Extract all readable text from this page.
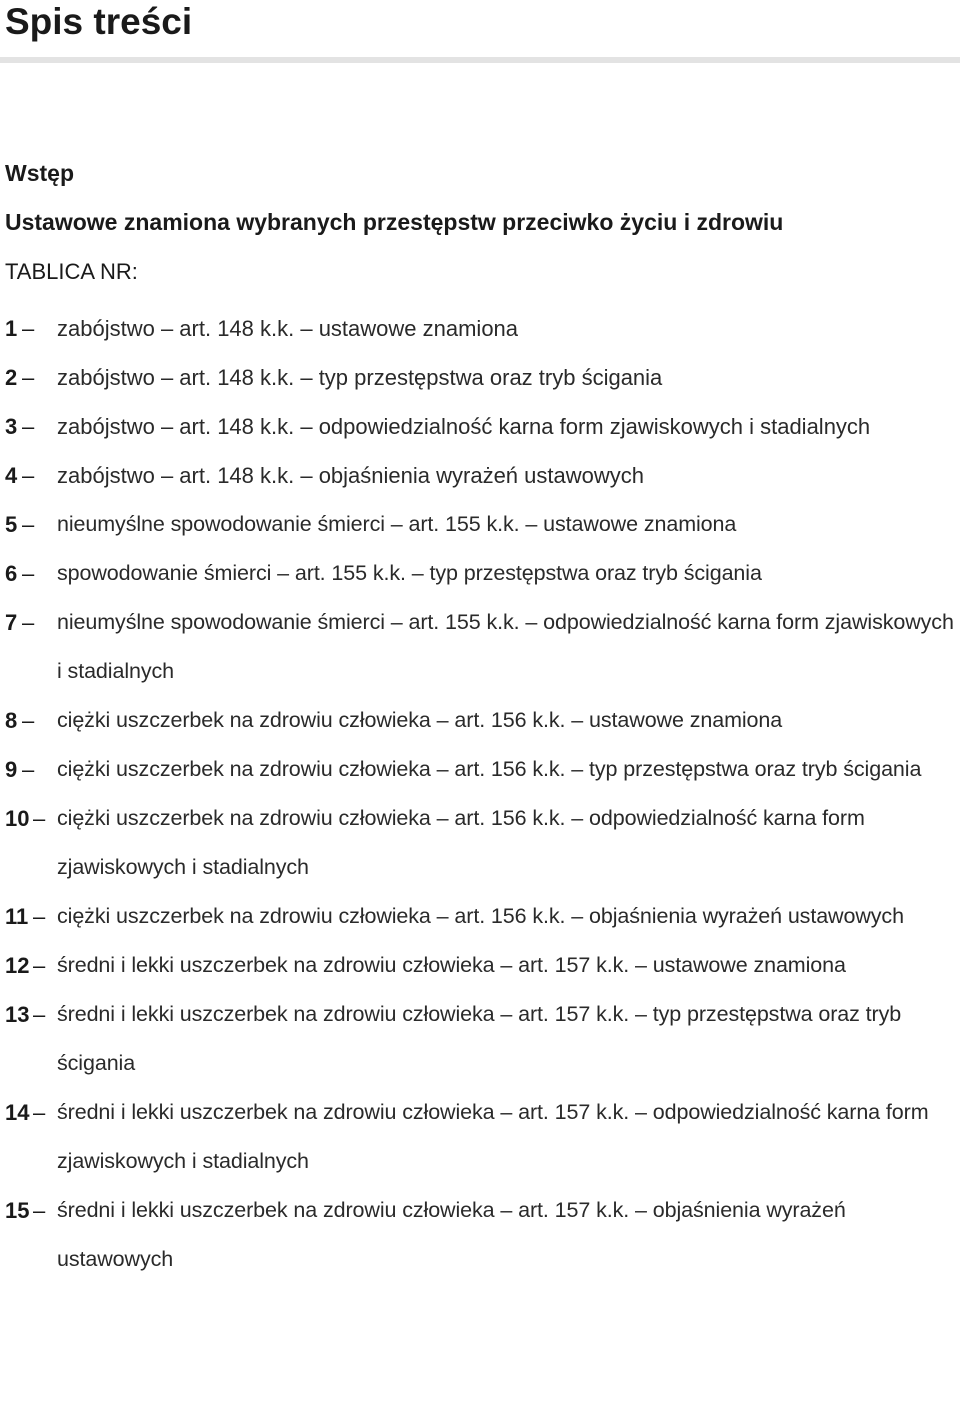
Spis treści
Wstęp
Ustawowe znamiona wybranych przestępstw przeciwko życiu i zdrowiu
TABLICA NR:
1 – zabójstwo – art. 148 k.k. – ustawowe znamiona
2 – zabójstwo – art. 148 k.k. – typ przestępstwa oraz tryb ścigania
3 – zabójstwo – art. 148 k.k. – odpowiedzialność karna form zjawiskowych i stadialnych
4 – zabójstwo – art. 148 k.k. – objaśnienia wyrażeń ustawowych
5 – nieumyślne spowodowanie śmierci – art. 155 k.k. – ustawowe znamiona
6 – spowodowanie śmierci – art. 155 k.k. – typ przestępstwa oraz tryb ścigania
7 – nieumyślne spowodowanie śmierci – art. 155 k.k. – odpowiedzialność karna form zjawiskowych i stadialnych
8 – ciężki uszczerbek na zdrowiu człowieka – art. 156 k.k. – ustawowe znamiona
9 – ciężki uszczerbek na zdrowiu człowieka – art. 156 k.k. – typ przestępstwa oraz tryb ścigania
10 – ciężki uszczerbek na zdrowiu człowieka – art. 156 k.k. – odpowiedzialność karna form zjawiskowych i stadialnych
11 – ciężki uszczerbek na zdrowiu człowieka – art. 156 k.k. – objaśnienia wyrażeń ustawowych
12 – średni i lekki uszczerbek na zdrowiu człowieka – art. 157 k.k. – ustawowe znamiona
13 – średni i lekki uszczerbek na zdrowiu człowieka – art. 157 k.k. – typ przestępstwa oraz tryb ścigania
14 – średni i lekki uszczerbek na zdrowiu człowieka – art. 157 k.k. – odpowiedzialność karna form zjawiskowych i stadialnych
15 – średni i lekki uszczerbek na zdrowiu człowieka – art. 157 k.k. – objaśnienia wyrażeń ustawowych
